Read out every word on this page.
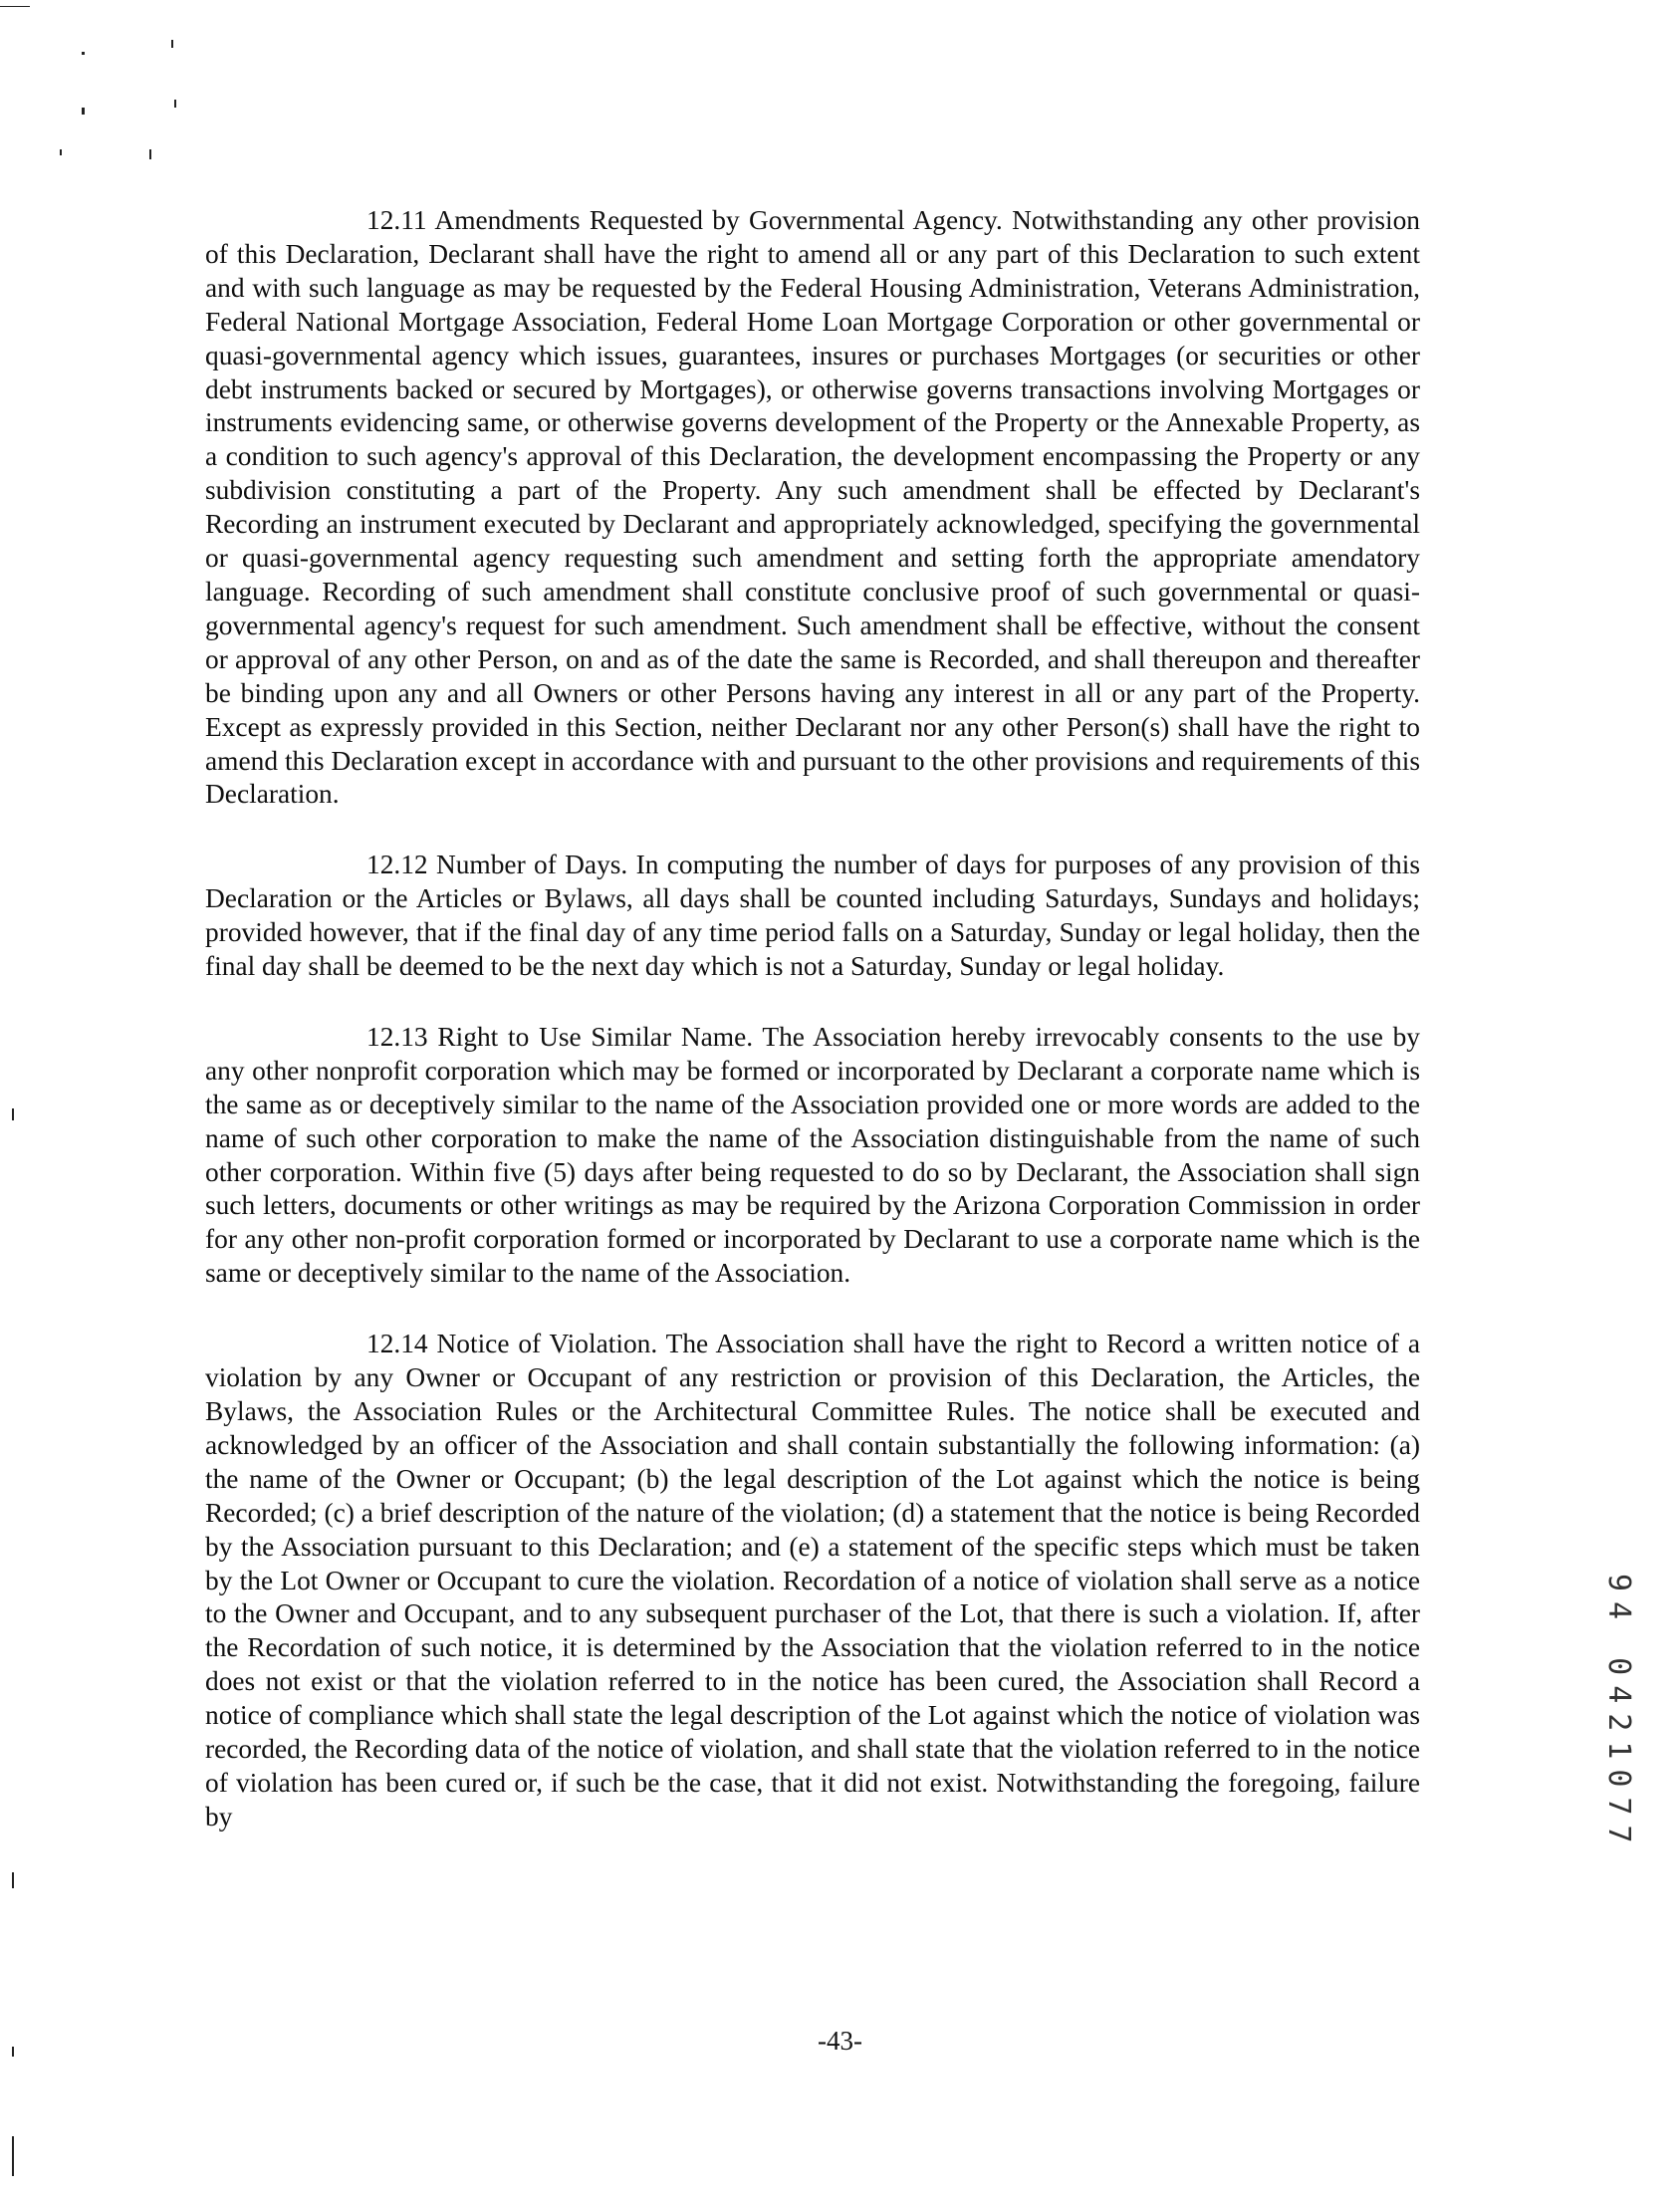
12.11 Amendments Requested by Governmental Agency. Notwithstanding any other provision of this Declaration, Declarant shall have the right to amend all or any part of this Declaration to such extent and with such language as may be requested by the Federal Housing Administration, Veterans Administration, Federal National Mortgage Association, Federal Home Loan Mortgage Corporation or other governmental or quasi-governmental agency which issues, guarantees, insures or purchases Mortgages (or securities or other debt instruments backed or secured by Mortgages), or otherwise governs transactions involving Mortgages or instruments evidencing same, or otherwise governs development of the Property or the Annexable Property, as a condition to such agency's approval of this Declaration, the development encompassing the Property or any subdivision constituting a part of the Property. Any such amendment shall be effected by Declarant's Recording an instrument executed by Declarant and appropriately acknowledged, specifying the governmental or quasi-governmental agency requesting such amendment and setting forth the appropriate amendatory language. Recording of such amendment shall constitute conclusive proof of such governmental or quasi-governmental agency's request for such amendment. Such amendment shall be effective, without the consent or approval of any other Person, on and as of the date the same is Recorded, and shall thereupon and thereafter be binding upon any and all Owners or other Persons having any interest in all or any part of the Property. Except as expressly provided in this Section, neither Declarant nor any other Person(s) shall have the right to amend this Declaration except in accordance with and pursuant to the other provisions and requirements of this Declaration.

12.12 Number of Days. In computing the number of days for purposes of any provision of this Declaration or the Articles or Bylaws, all days shall be counted including Saturdays, Sundays and holidays; provided however, that if the final day of any time period falls on a Saturday, Sunday or legal holiday, then the final day shall be deemed to be the next day which is not a Saturday, Sunday or legal holiday.

12.13 Right to Use Similar Name. The Association hereby irrevocably consents to the use by any other nonprofit corporation which may be formed or incorporated by Declarant a corporate name which is the same as or deceptively similar to the name of the Association provided one or more words are added to the name of such other corporation to make the name of the Association distinguishable from the name of such other corporation. Within five (5) days after being requested to do so by Declarant, the Association shall sign such letters, documents or other writings as may be required by the Arizona Corporation Commission in order for any other non-profit corporation formed or incorporated by Declarant to use a corporate name which is the same or deceptively similar to the name of the Association.

12.14 Notice of Violation. The Association shall have the right to Record a written notice of a violation by any Owner or Occupant of any restriction or provision of this Declaration, the Articles, the Bylaws, the Association Rules or the Architectural Committee Rules. The notice shall be executed and acknowledged by an officer of the Association and shall contain substantially the following information: (a) the name of the Owner or Occupant; (b) the legal description of the Lot against which the notice is being Recorded; (c) a brief description of the nature of the violation; (d) a statement that the notice is being Recorded by the Association pursuant to this Declaration; and (e) a statement of the specific steps which must be taken by the Lot Owner or Occupant to cure the violation. Recordation of a notice of violation shall serve as a notice to the Owner and Occupant, and to any subsequent purchaser of the Lot, that there is such a violation. If, after the Recordation of such notice, it is determined by the Association that the violation referred to in the notice does not exist or that the violation referred to in the notice has been cured, the Association shall Record a notice of compliance which shall state the legal description of the Lot against which the notice of violation was recorded, the Recording data of the notice of violation, and shall state that the violation referred to in the notice of violation has been cured or, if such be the case, that it did not exist. Notwithstanding the foregoing, failure by

-43-
94 0421077
